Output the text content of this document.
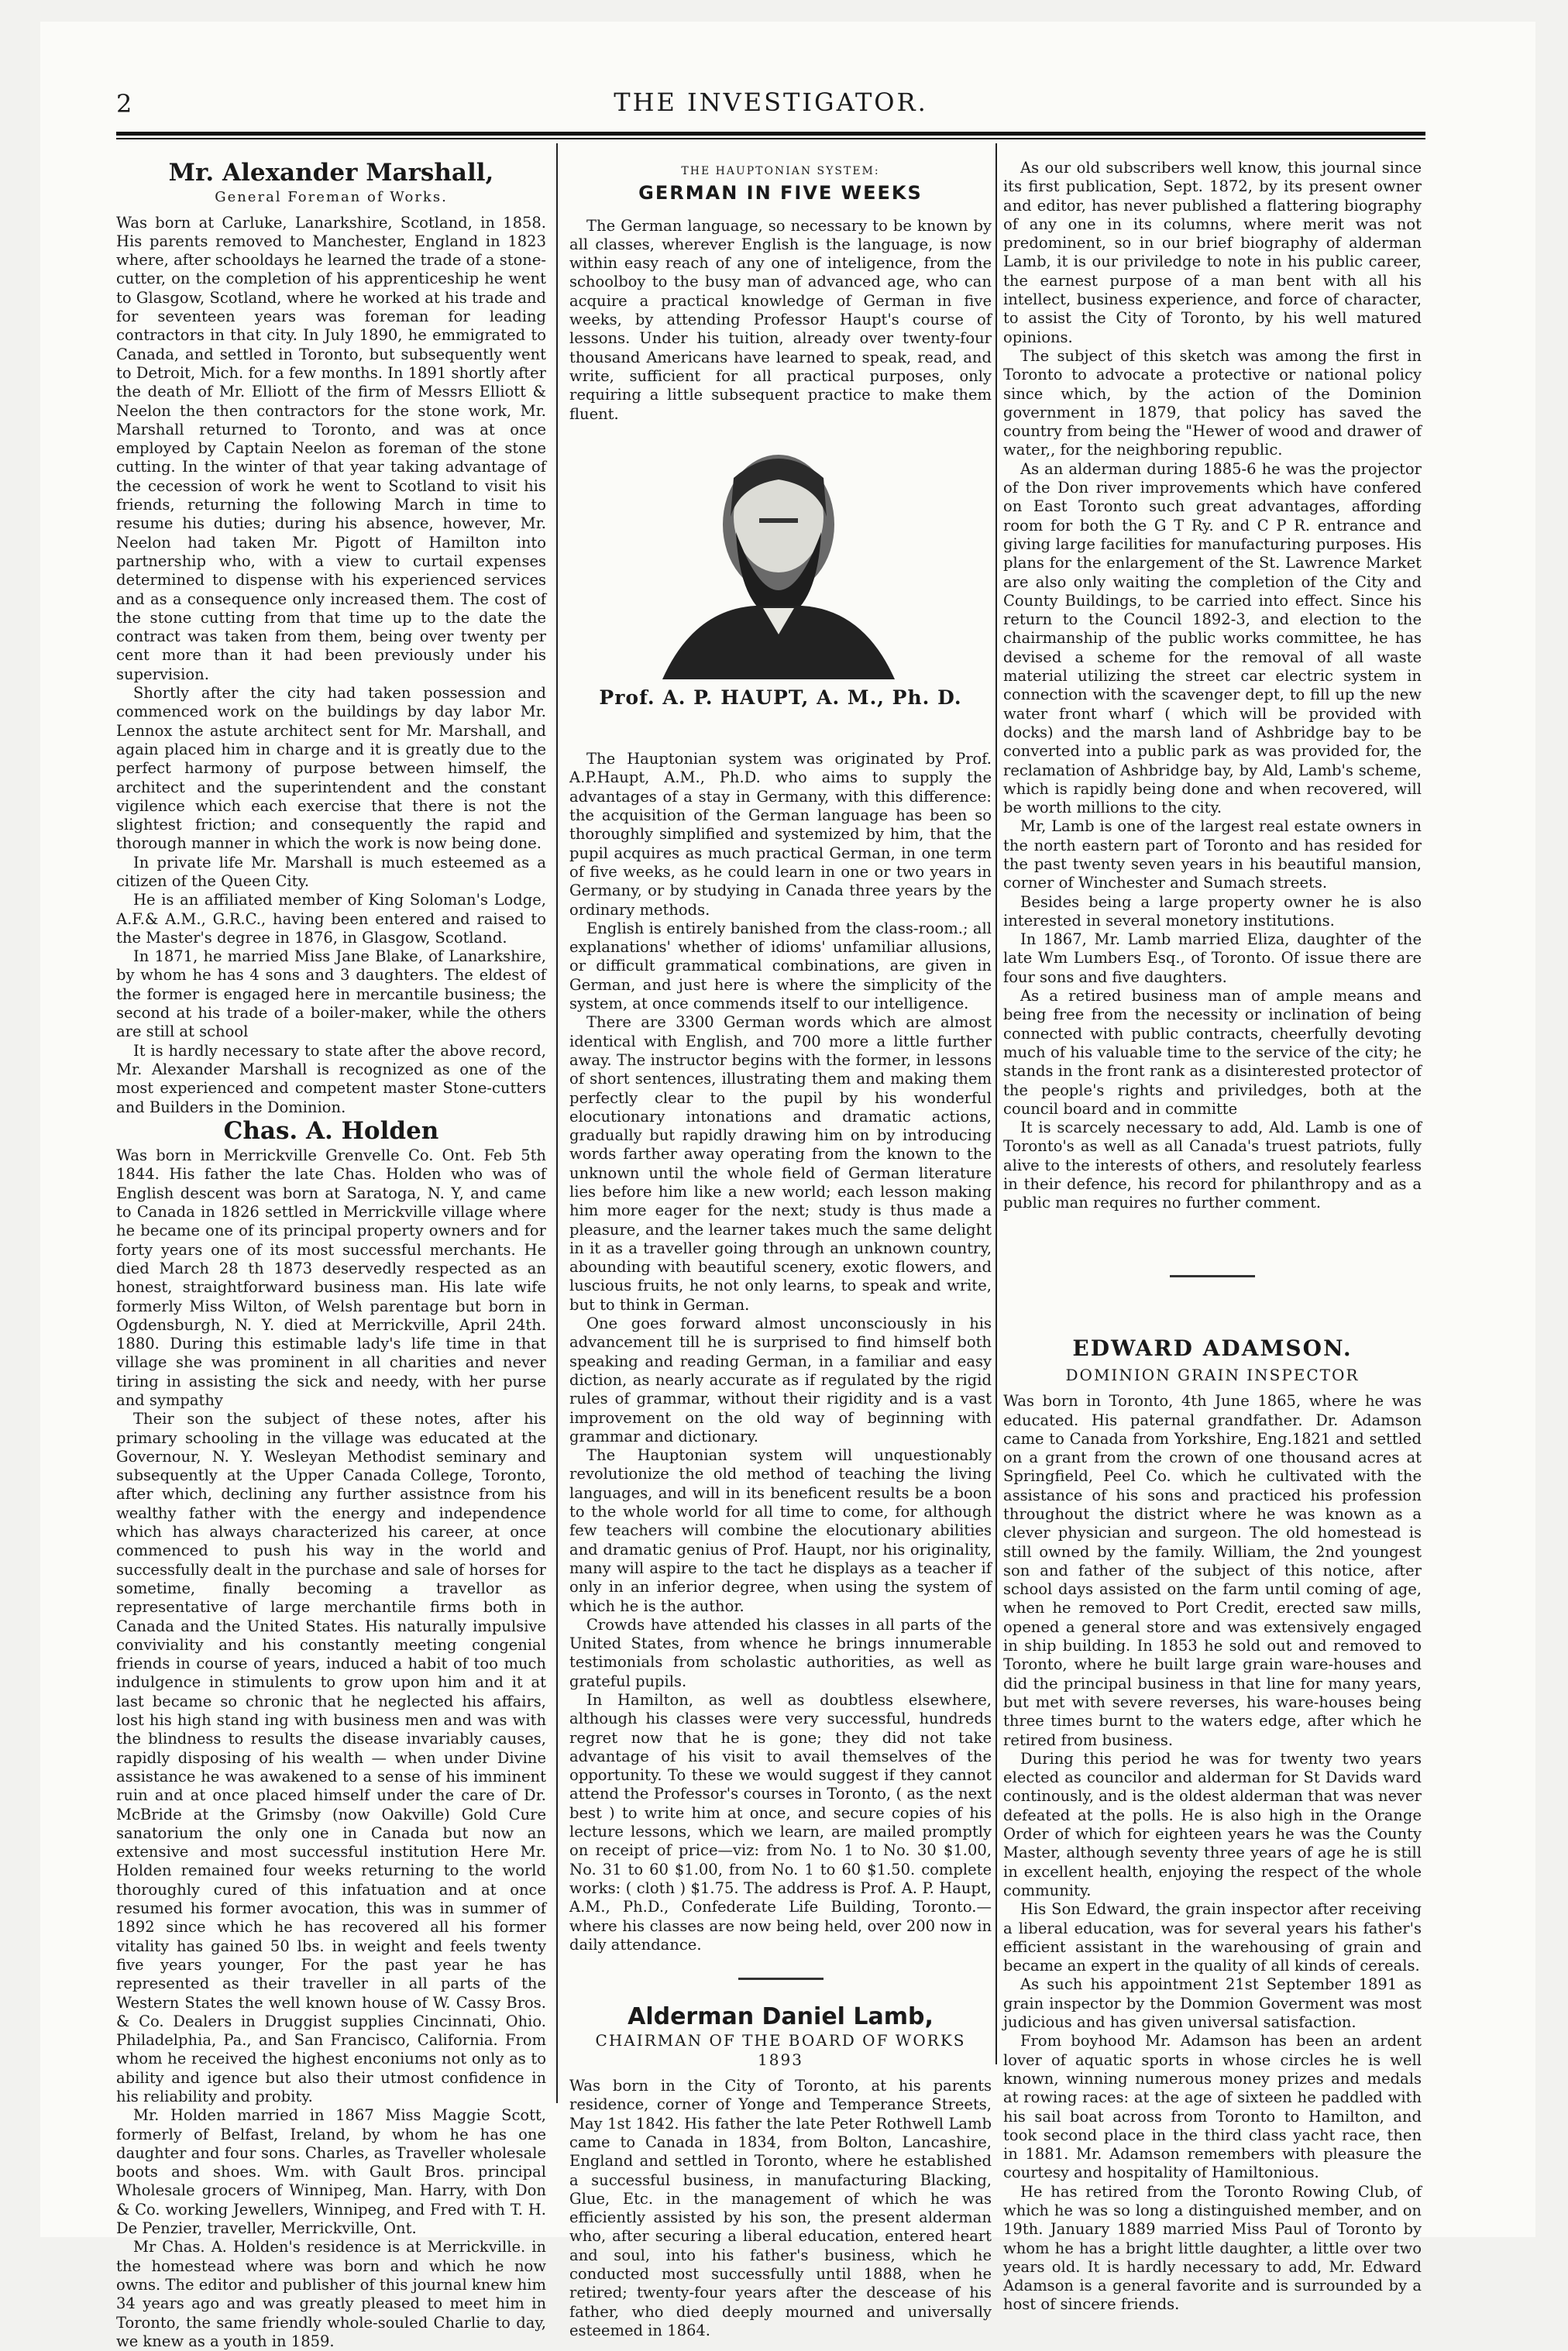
2	THE INVESTIGATOR.
Mr. Alexander Marshall,
General Foreman of Works.

Was born at Carluke, Lanarkshire, Scotland, in 1858. His parents removed to Manchester, England in 1823 where, after schooldays he learned the trade of a stone-cutter, on the completion of his apprenticeship he went to Glasgow, Scotland, where he worked at his trade and for seventeen years was foreman for leading contractors in that city. In July 1890, he emmigrated to Canada, and settled in Toronto, but subsequently went to Detroit, Mich. for a few months. In 1891 shortly after the death of Mr. Elliott of the firm of Messrs Elliott & Neelon the then contractors for the stone work, Mr. Marshall returned to Toronto, and was at once employed by Captain Neelon as foreman of the stone cutting. In the winter of that year taking advantage of the cecession of work he went to Scotland to visit his friends, returning the following March in time to resume his duties; during his absence, however, Mr. Neelon had taken Mr. Pigott of Hamilton into partnership who, with a view to curtail expenses determined to dispense with his experienced services and as a consequence only increased them. The cost of the stone cutting from that time up to the date the contract was taken from them, being over twenty per cent more than it had been previously under his supervision.

Shortly after the city had taken possession and commenced work on the buildings by day labor Mr. Lennox the astute architect sent for Mr. Marshall, and again placed him in charge and it is greatly due to the perfect harmony of purpose between himself, the architect and the superintendent and the constant vigilence which each exercise that there is not the slightest friction; and consequently the rapid and thorough manner in which the work is now being done.

In private life Mr. Marshall is much esteemed as a citizen of the Queen City.

He is an affiliated member of King Soloman's Lodge, A.F.& A.M., G.R.C., having been entered and raised to the Master's degree in 1876, in Glasgow, Scotland.

In 1871, he married Miss Jane Blake, of Lanarkshire, by whom he has 4 sons and 3 daughters. The eldest of the former is engaged here in mercantile business; the second at his trade of a boiler-maker, while the others are still at school

It is hardly necessary to state after the above record, Mr. Alexander Marshall is recognized as one of the most experienced and competent master Stone-cutters and Builders in the Dominion.

Chas. A. Holden

Was born in Merrickville Grenvelle Co. Ont. Feb 5th 1844. His father the late Chas. Holden who was of English descent was born at Saratoga, N. Y, and came to Canada in 1826 settled in Merrickville village where he became one of its principal property owners and for forty years one of its most successful merchants. He died March 28 th 1873 deservedly respected as an honest, straightforward business man. His late wife formerly Miss Wilton, of Welsh parentage but born in Ogdensburgh, N. Y. died at Merrickville, April 24th. 1880. During this estimable lady's life time in that village she was prominent in all charities and never tiring in assisting the sick and needy, with her purse and sympathy

Their son the subject of these notes, after his primary schooling in the village was educated at the Governour, N. Y. Wesleyan Methodist seminary and subsequently at the Upper Canada College, Toronto, after which, declining any further assistnce from his wealthy father with the energy and independence which has always characterized his career, at once commenced to push his way in the world and successfully dealt in the purchase and sale of horses for sometime, finally becoming a travellor as representative of large merchantile firms both in Canada and the United States. His naturally impulsive conviviality and his constantly meeting congenial friends in course of years, induced a habit of too much indulgence in stimulents to grow upon him and it at last became so chronic that he neglected his affairs, lost his high stand ing with business men and was with the blindness to results the disease invariably causes, rapidly disposing of his wealth — when under Divine assistance he was awakened to a sense of his imminent ruin and at once placed himself under the care of Dr. McBride at the Grimsby (now Oakville) Gold Cure sanatorium the only one in Canada but now an extensive and most successful institution Here Mr. Holden remained four weeks returning to the world thoroughly cured of this infatuation and at once resumed his former avocation, this was in summer of 1892 since which he has recovered all his former vitality has gained 50 lbs. in weight and feels twenty five years younger, For the past year he has represented as their traveller in all parts of the Western States the well known house of W. Cassy Bros. & Co. Dealers in Druggist supplies Cincinnati, Ohio. Philadelphia, Pa., and San Francisco, California. From whom he received the highest enconiums not only as to ability and igence but also their utmost confidence in his reliability and probity.

Mr. Holden married in 1867 Miss Maggie Scott, formerly of Belfast, Ireland, by whom he has one daughter and four sons. Charles, as Traveller wholesale boots and shoes. Wm. with Gault Bros. principal Wholesale grocers of Winnipeg, Man. Harry, with Don & Co. working Jewellers, Winnipeg, and Fred with T. H. De Penzier, traveller, Merrickville, Ont.

Mr Chas. A. Holden's residence is at Merrickville. in the homestead where was born and which he now owns. The editor and publisher of this journal knew him 34 years ago and was greatly pleased to meet him in Toronto, the same friendly whole-souled Charlie to day, we knew as a youth in 1859.

THE HAUPTONIAN SYSTEM:
GERMAN IN FIVE WEEKS

The German language, so necessary to be known by all classes, wherever English is the language, is now within easy reach of any one of inteligence, from the schoolboy to the busy man of advanced age, who can acquire a practical knowledge of German in five weeks, by attending Professor Haupt's course of lessons. Under his tuition, already over twenty-four thousand Americans have learned to speak, read, and write, sufficient for all practical purposes, only requiring a little subsequent practice to make them fluent.

Prof. A. P. HAUPT, A. M., Ph. D.

The Hauptonian system was originated by Prof. A.P.Haupt, A.M., Ph.D. who aims to supply the advantages of a stay in Germany, with this difference: the acquisition of the German language has been so thoroughly simplified and systemized by him, that the pupil acquires as much practical German, in one term of five weeks, as he could learn in one or two years in Germany, or by studying in Canada three years by the ordinary methods.

English is entirely banished from the class-room.; all explanations' whether of idioms' unfamiliar allusions, or difficult grammatical combinations, are given in German, and just here is where the simplicity of the system, at once commends itself to our intelligence.

There are 3300 German words which are almost identical with English, and 700 more a little further away. The instructor begins with the former, in lessons of short sentences, illustrating them and making them perfectly clear to the pupil by his wonderful elocutionary intonations and dramatic actions, gradually but rapidly drawing him on by introducing words farther away operating from the known to the unknown until the whole field of German literature lies before him like a new world; each lesson making him more eager for the next; study is thus made a pleasure, and the learner takes much the same delight in it as a traveller going through an unknown country, abounding with beautiful scenery, exotic flowers, and luscious fruits, he not only learns, to speak and write, but to think in German.

One goes forward almost unconsciously in his advancement till he is surprised to find himself both speaking and reading German, in a familiar and easy diction, as nearly accurate as if regulated by the rigid rules of grammar, without their rigidity and is a vast improvement on the old way of beginning with grammar and dictionary.

The Hauptonian system will unquestionably revolutionize the old method of teaching the living languages, and will in its beneficent results be a boon to the whole world for all time to come, for although few teachers will combine the elocutionary abilities and dramatic genius of Prof. Haupt, nor his originality, many will aspire to the tact he displays as a teacher if only in an inferior degree, when using the system of which he is the author.

Crowds have attended his classes in all parts of the United States, from whence he brings innumerable testimonials from scholastic authorities, as well as grateful pupils.

In Hamilton, as well as doubtless elsewhere, although his classes were very successful, hundreds regret now that he is gone; they did not take advantage of his visit to avail themselves of the opportunity. To these we would suggest if they cannot attend the Professor's courses in Toronto, ( as the next best ) to write him at once, and secure copies of his lecture lessons, which we learn, are mailed promptly on receipt of price—viz: from No. 1 to No. 30 $1.00, No. 31 to 60 $1.00, from No. 1 to 60 $1.50. complete works: ( cloth ) $1.75. The address is Prof. A. P. Haupt, A.M., Ph.D., Confederate Life Building, Toronto.—where his classes are now being held, over 200 now in daily attendance.

Alderman Daniel Lamb,
CHAIRMAN OF THE BOARD OF WORKS 1893

Was born in the City of Toronto, at his parents residence, corner of Yonge and Temperance Streets, May 1st 1842. His father the late Peter Rothwell Lamb came to Canada in 1834, from Bolton, Lancashire, England and settled in Toronto, where he established a successful business, in manufacturing Blacking, Glue, Etc. in the management of which he was efficiently assisted by his son, the present alderman who, after securing a liberal education, entered heart and soul, into his father's business, which he conducted most successfully until 1888, when he retired; twenty-four years after the descease of his father, who died deeply mourned and universally esteemed in 1864.

As our old subscribers well know, this journal since its first publication, Sept. 1872, by its present owner and editor, has never published a flattering biography of any one in its columns, where merit was not predominent, so in our brief biography of alderman Lamb, it is our priviledge to note in his public career, the earnest purpose of a man bent with all his intellect, business experience, and force of character, to assist the City of Toronto, by his well matured opinions.

The subject of this sketch was among the first in Toronto to advocate a protective or national policy since which, by the action of the Dominion government in 1879, that policy has saved the country from being the "Hewer of wood and drawer of water,, for the neighboring republic.

As an alderman during 1885-6 he was the projector of the Don river improvements which have confered on East Toronto such great advantages, affording room for both the G T Ry. and C P R. entrance and giving large facilities for manufacturing purposes. His plans for the enlargement of the St. Lawrence Market are also only waiting the completion of the City and County Buildings, to be carried into effect. Since his return to the Council 1892-3, and election to the chairmanship of the public works committee, he has devised a scheme for the removal of all waste material utilizing the street car electric system in connection with the scavenger dept, to fill up the new water front wharf ( which will be provided with docks) and the marsh land of Ashbridge bay to be converted into a public park as was provided for, the reclamation of Ashbridge bay, by Ald, Lamb's scheme, which is rapidly being done and when recovered, will be worth millions to the city.

Mr, Lamb is one of the largest real estate owners in the north eastern part of Toronto and has resided for the past twenty seven years in his beautiful mansion, corner of Winchester and Sumach streets.

Besides being a large property owner he is also interested in several monetory institutions.

In 1867, Mr. Lamb married Eliza, daughter of the late Wm Lumbers Esq., of Toronto. Of issue there are four sons and five daughters.

As a retired business man of ample means and being free from the necessity or inclination of being connected with public contracts, cheerfully devoting much of his valuable time to the service of the city; he stands in the front rank as a disinterested protector of the people's rights and priviledges, both at the council board and in committe

It is scarcely necessary to add, Ald. Lamb is one of Toronto's as well as all Canada's truest patriots, fully alive to the interests of others, and resolutely fearless in their defence, his record for philanthropy and as a public man requires no further comment.

EDWARD ADAMSON.
DOMINION GRAIN INSPECTOR

Was born in Toronto, 4th June 1865, where he was educated. His paternal grandfather. Dr. Adamson came to Canada from Yorkshire, Eng.1821 and settled on a grant from the crown of one thousand acres at Springfield, Peel Co. which he cultivated with the assistance of his sons and practiced his profession throughout the district where he was known as a clever physician and surgeon. The old homestead is still owned by the family. William, the 2nd youngest son and father of the subject of this notice, after school days assisted on the farm until coming of age, when he removed to Port Credit, erected saw mills, opened a general store and was extensively engaged in ship building. In 1853 he sold out and removed to Toronto, where he built large grain ware-houses and did the principal business in that line for many years, but met with severe reverses, his ware-houses being three times burnt to the waters edge, after which he retired from business.

During this period he was for twenty two years elected as councilor and alderman for St Davids ward continously, and is the oldest alderman that was never defeated at the polls. He is also high in the Orange Order of which for eighteen years he was the County Master, although seventy three years of age he is still in excellent health, enjoying the respect of the whole community.

His Son Edward, the grain inspector after receiving a liberal education, was for several years his father's efficient assistant in the warehousing of grain and became an expert in the quality of all kinds of cereals.

As such his appointment 21st September 1891 as grain inspector by the Dommion Goverment was most judicious and has given universal satisfaction.

From boyhood Mr. Adamson has been an ardent lover of aquatic sports in whose circles he is well known, winning numerous money prizes and medals at rowing races: at the age of sixteen he paddled with his sail boat across from Toronto to Hamilton, and took second place in the third class yacht race, then in 1881. Mr. Adamson remembers with pleasure the courtesy and hospitality of Hamiltonious.

He has retired from the Toronto Rowing Club, of which he was so long a distinguished member, and on 19th. January 1889 married Miss Paul of Toronto by whom he has a bright little daughter, a little over two years old. It is hardly necessary to add, Mr. Edward Adamson is a general favorite and is surrounded by a host of sincere friends.
